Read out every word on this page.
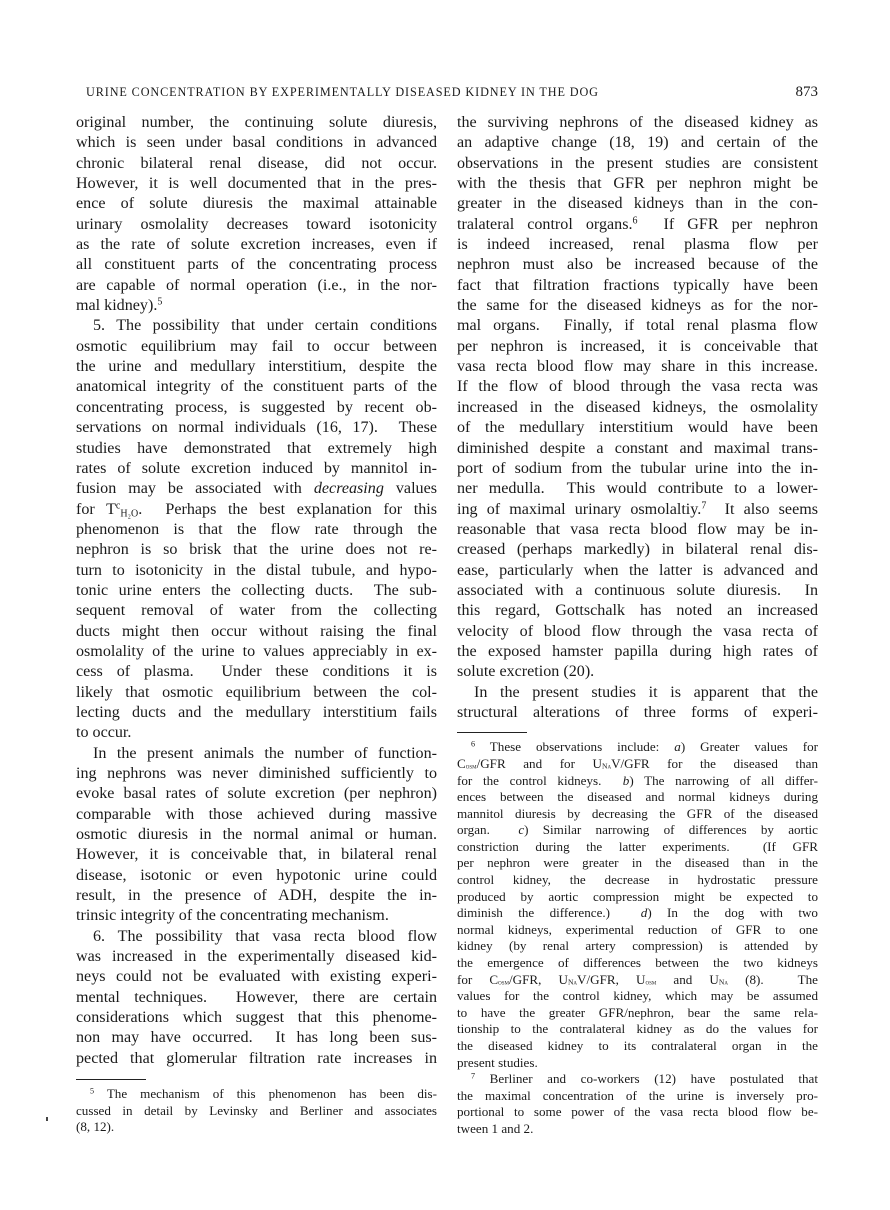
URINE CONCENTRATION BY EXPERIMENTALLY DISEASED KIDNEY IN THE DOG	873
original number, the continuing solute diuresis,
which is seen under basal conditions in advanced
chronic bilateral renal disease, did not occur.
However, it is well documented that in the pres-
ence of solute diuresis the maximal attainable
urinary osmolality decreases toward isotonicity
as the rate of solute excretion increases, even if
all constituent parts of the concentrating process
are capable of normal operation (i.e., in the nor-
mal kidney).$^5$
5. The possibility that under certain conditions
osmotic equilibrium may fail to occur between
the urine and medullary interstitium, despite the
anatomical integrity of the constituent parts of the
concentrating process, is suggested by recent ob-
servations on normal individuals (16, 17).  These
studies have demonstrated that extremely high
rates of solute excretion induced by mannitol in-
fusion may be associated with decreasing values
for $T^c_{H_2O}$.  Perhaps the best explanation for this
phenomenon is that the flow rate through the
nephron is so brisk that the urine does not re-
turn to isotonicity in the distal tubule, and hypo-
tonic urine enters the collecting ducts.  The sub-
sequent removal of water from the collecting
ducts might then occur without raising the final
osmolality of the urine to values appreciably in ex-
cess of plasma.  Under these conditions it is
likely that osmotic equilibrium between the col-
lecting ducts and the medullary interstitium fails
to occur.
In the present animals the number of function-
ing nephrons was never diminished sufficiently to
evoke basal rates of solute excretion (per nephron)
comparable with those achieved during massive
osmotic diuresis in the normal animal or human.
However, it is conceivable that, in bilateral renal
disease, isotonic or even hypotonic urine could
result, in the presence of ADH, despite the in-
trinsic integrity of the concentrating mechanism.
6. The possibility that vasa recta blood flow
was increased in the experimentally diseased kid-
neys could not be evaluated with existing experi-
mental techniques.  However, there are certain
considerations which suggest that this phenome-
non may have occurred.  It has long been sus-
pected that glomerular filtration rate increases in
$^5$ The mechanism of this phenomenon has been dis-
cussed in detail by Levinsky and Berliner and associates
(8, 12).
the surviving nephrons of the diseased kidney as
an adaptive change (18, 19) and certain of the
observations in the present studies are consistent
with the thesis that GFR per nephron might be
greater in the diseased kidneys than in the con-
tralateral control organs.$^6$  If GFR per nephron
is indeed increased, renal plasma flow per
nephron must also be increased because of the
fact that filtration fractions typically have been
the same for the diseased kidneys as for the nor-
mal organs.  Finally, if total renal plasma flow
per nephron is increased, it is conceivable that
vasa recta blood flow may share in this increase.
If the flow of blood through the vasa recta was
increased in the diseased kidneys, the osmolality
of the medullary interstitium would have been
diminished despite a constant and maximal trans-
port of sodium from the tubular urine into the in-
ner medulla.  This would contribute to a lower-
ing of maximal urinary osmolaltiy.$^7$  It also seems
reasonable that vasa recta blood flow may be in-
creased (perhaps markedly) in bilateral renal dis-
ease, particularly when the latter is advanced and
associated with a continuous solute diuresis.  In
this regard, Gottschalk has noted an increased
velocity of blood flow through the vasa recta of
the exposed hamster papilla during high rates of
solute excretion (20).
In the present studies it is apparent that the
structural alterations of three forms of experi-
$^6$ These observations include: a) Greater values for
Cosm/GFR and for UNaV/GFR for the diseased than
for the control kidneys.  b) The narrowing of all differ-
ences between the diseased and normal kidneys during
mannitol diuresis by decreasing the GFR of the diseased
organ.  c) Similar narrowing of differences by aortic
constriction during the latter experiments.  (If GFR
per nephron were greater in the diseased than in the
control kidney, the decrease in hydrostatic pressure
produced by aortic compression might be expected to
diminish the difference.)  d) In the dog with two
normal kidneys, experimental reduction of GFR to one
kidney (by renal artery compression) is attended by
the emergence of differences between the two kidneys
for Cosm/GFR, UNaV/GFR, Uosm and UNa (8).  The
values for the control kidney, which may be assumed
to have the greater GFR/nephron, bear the same rela-
tionship to the contralateral kidney as do the values for
the diseased kidney to its contralateral organ in the
present studies.
$^7$ Berliner and co-workers (12) have postulated that
the maximal concentration of the urine is inversely pro-
portional to some power of the vasa recta blood flow be-
tween 1 and 2.
